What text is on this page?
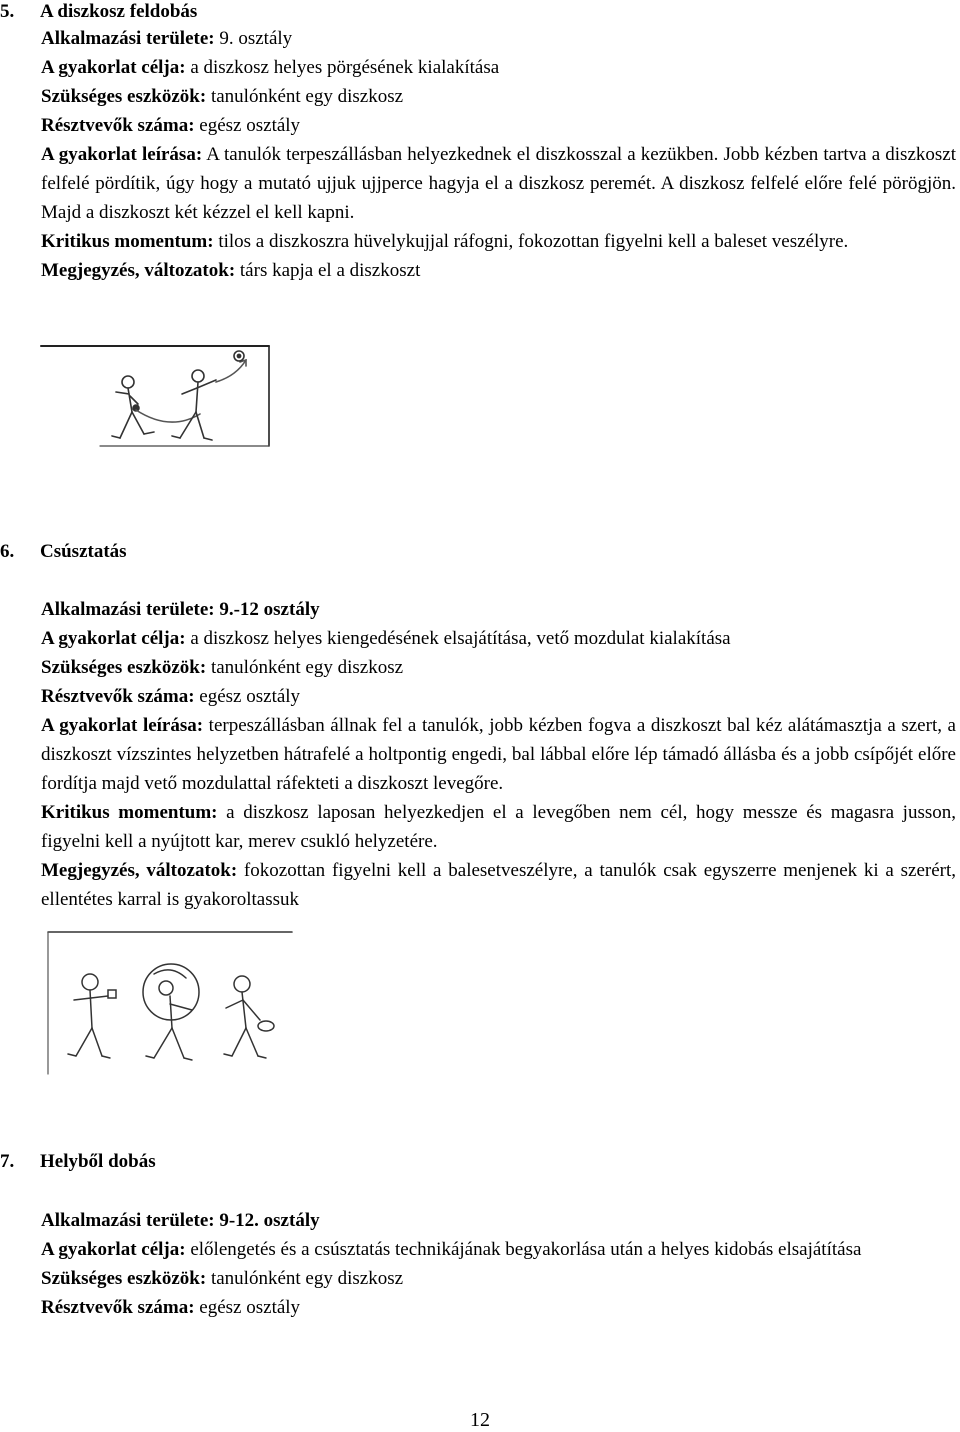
5. A diszkosz feldobás

Alkalmazási területe: 9. osztály

A gyakorlat célja: a diszkosz helyes pörgésének kialakítása

Szükséges eszközök: tanulónként egy diszkosz

Résztvevők száma: egész osztály

A gyakorlat leírása: A tanulók terpeszállásban helyezkednek el diszkosszal a kezükben. Jobb kézben tartva a diszkoszt felfelé pördítik, úgy hogy a mutató ujjuk ujjperce hagyja el a diszkosz peremét. A diszkosz felfelé előre felé pörögjön. Majd a diszkoszt két kézzel el kell kapni.

Kritikus momentum: tilos a diszkoszra hüvelykujjal ráfogni, fokozottan figyelni kell a baleset veszélyre.

Megjegyzés, változatok: társ kapja el a diszkoszt

6. Csúsztatás

Alkalmazási területe: 9.-12 osztály

A gyakorlat célja: a diszkosz helyes kiengedésének elsajátítása, vető mozdulat kialakítása

Szükséges eszközök: tanulónként egy diszkosz

Résztvevők száma: egész osztály

A gyakorlat leírása: terpeszállásban állnak fel a tanulók, jobb kézben fogva a diszkoszt bal kéz alátámasztja a szert, a diszkoszt vízszintes helyzetben hátrafelé a holtpontig engedi, bal lábbal előre lép támadó állásba és a jobb csípőjét előre fordítja majd vető mozdulattal ráfekteti a diszkoszt levegőre.

Kritikus momentum: a diszkosz laposan helyezkedjen el a levegőben nem cél, hogy messze és magasra jusson, figyelni kell a nyújtott kar, merev csukló helyzetére.

Megjegyzés, változatok: fokozottan figyelni kell a balesetveszélyre, a tanulók csak egyszerre menjenek ki a szerért, ellentétes karral is gyakoroltassuk

7. Helyből dobás

Alkalmazási területe: 9-12. osztály

A gyakorlat célja: előlengetés és a csúsztatás technikájának begyakorlása után a helyes kidobás elsajátítása

Szükséges eszközök: tanulónként egy diszkosz

Résztvevők száma: egész osztály

12
